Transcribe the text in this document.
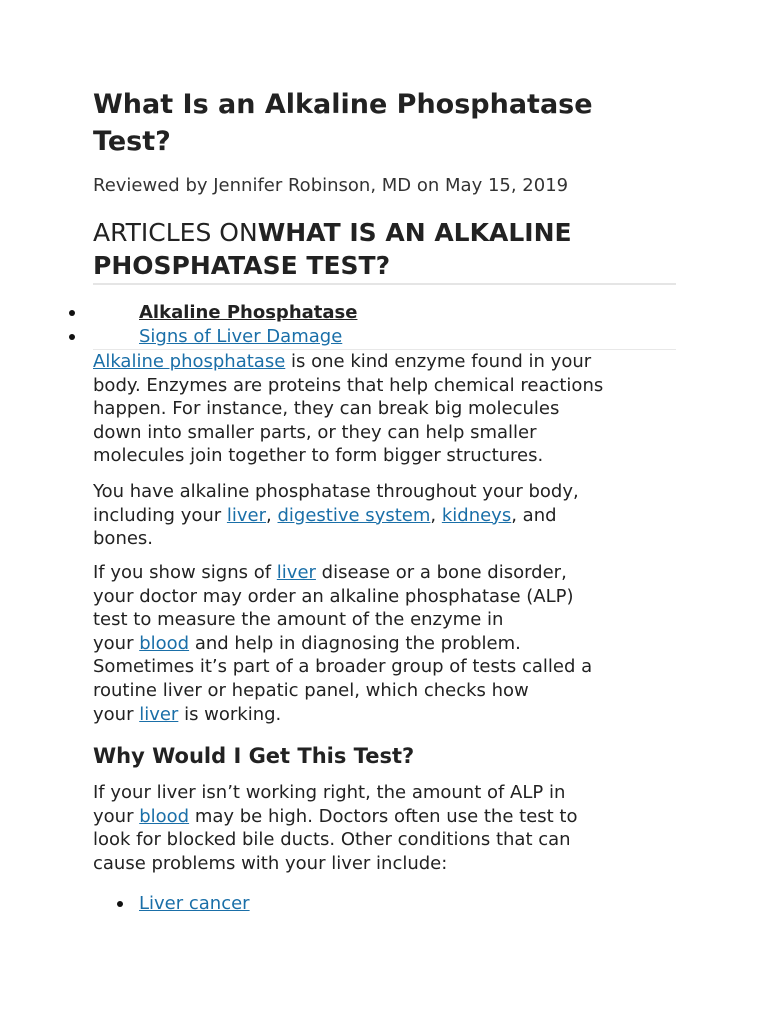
What Is an Alkaline Phosphatase
Test?
Reviewed by Jennifer Robinson, MD on May 15, 2019
ARTICLES ONWHAT IS AN ALKALINE
PHOSPHATASE TEST?
Alkaline Phosphatase
Signs of Liver Damage

Alkaline phosphatase is one kind enzyme found in your
body. Enzymes are proteins that help chemical reactions
happen. For instance, they can break big molecules
down into smaller parts, or they can help smaller
molecules join together to form bigger structures.

You have alkaline phosphatase throughout your body,
including your liver, digestive system, kidneys, and
bones.

If you show signs of liver disease or a bone disorder,
your doctor may order an alkaline phosphatase (ALP)
test to measure the amount of the enzyme in
your blood and help in diagnosing the problem.
Sometimes it’s part of a broader group of tests called a
routine liver or hepatic panel, which checks how
your liver is working.

Why Would I Get This Test?

If your liver isn’t working right, the amount of ALP in
your blood may be high. Doctors often use the test to
look for blocked bile ducts. Other conditions that can
cause problems with your liver include:

Liver cancer
